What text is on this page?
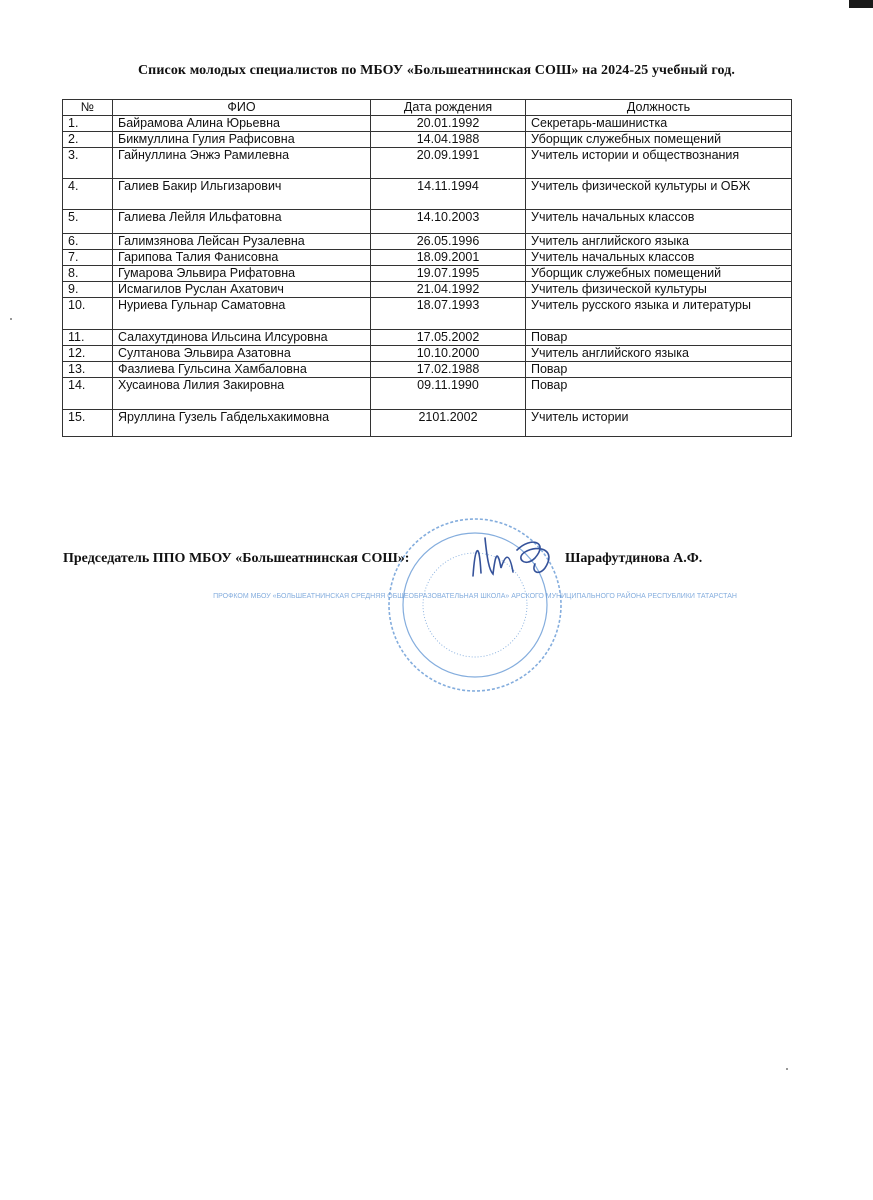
Список молодых специалистов по МБОУ «Большеатнинская СОШ» на 2024-25 учебный год.
№	ФИО	Дата рождения	Должность
1.	Байрамова Алина Юрьевна	20.01.1992	Секретарь-машинистка
2.	Бикмуллина Гулия Рафисовна	14.04.1988	Уборщик служебных помещений
3.	Гайнуллина Энжэ Рамилевна	20.09.1991	Учитель истории и обществознания
4.	Галиев Бакир Ильгизарович	14.11.1994	Учитель физической культуры и ОБЖ
5.	Галиева Лейля Ильфатовна	14.10.2003	Учитель начальных классов
6.	Галимзянова Лейсан Рузалевна	26.05.1996	Учитель английского языка
7.	Гарипова Талия Фанисовна	18.09.2001	Учитель начальных классов
8.	Гумарова Эльвира Рифатовна	19.07.1995	Уборщик служебных помещений
9.	Исмагилов Руслан Ахатович	21.04.1992	Учитель физической культуры
10.	Нуриева Гульнар Саматовна	18.07.1993	Учитель русского языка и литературы
11.	Салахутдинова Ильсина Илсуровна	17.05.2002	Повар
12.	Султанова Эльвира Азатовна	10.10.2000	Учитель английского языка
13.	Фазлиева Гульсина Хамбаловна	17.02.1988	Повар
14.	Хусаинова Лилия Закировна	09.11.1990	Повар
15.	Яруллина Гузель Габдельхакимовна	2101.2002	Учитель истории
ПРОФКОМ МБОУ «БОЛЬШЕАТНИНСКАЯ СРЕДНЯЯ ОБЩЕОБРАЗОВАТЕЛЬНАЯ ШКОЛА» АРСКОГО МУНИЦИПАЛЬНОГО РАЙОНА РЕСПУБЛИКИ ТАТАРСТАН
Председатель ППО МБОУ «Большеатнинская СОШ»:	Шарафутдинова А.Ф.
